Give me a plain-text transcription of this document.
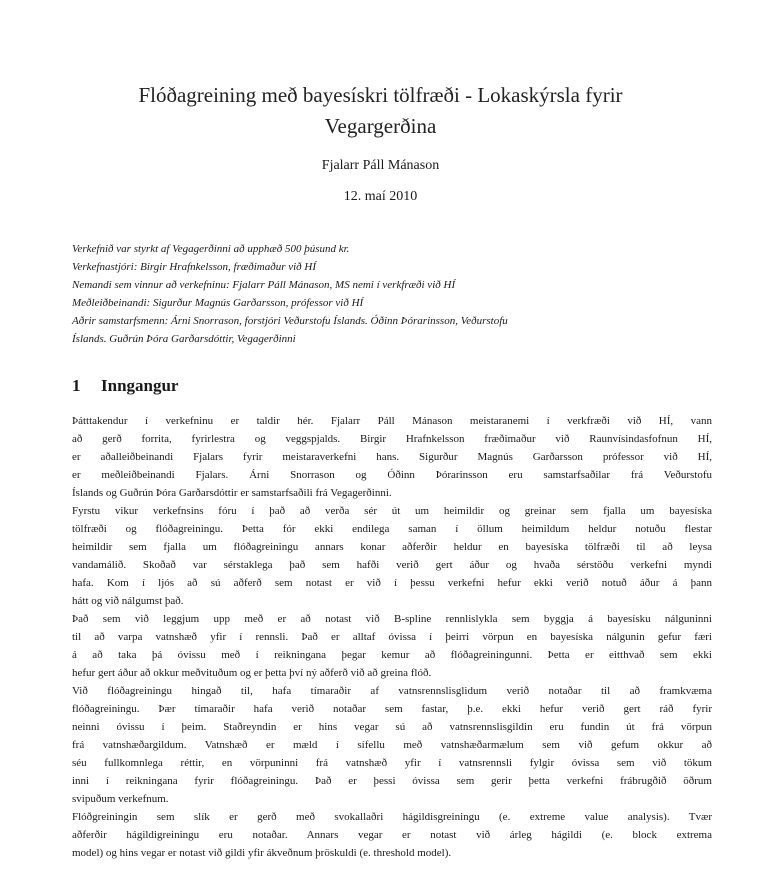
Flóðagreining með bayesískri tölfræði - Lokaskýrsla fyrir
Vegargerðina
Fjalarr Páll Mánason
12. maí 2010
Verkefnið var styrkt af Vegagerðinni að upphæð 500 þúsund kr.
Verkefnastjóri: Birgir Hrafnkelsson, fræðimaður við HÍ
Nemandi sem vinnur að verkefninu: Fjalarr Páll Mánason, MS nemi í verkfræði við HÍ
Meðleiðbeinandi: Sigurður Magnús Garðarsson, prófessor við HÍ
Aðrir samstarfsmenn: Árni Snorrason, forstjóri Veðurstofu Íslands. Óðinn Þórarinsson, Veðurstofu
Íslands. Guðrún Þóra Garðarsdóttir, Vegagerðinni
1 Inngangur
Þátttakendur í verkefninu er taldir hér. Fjalarr Páll Mánason meistaranemi í verkfræði við HÍ, vann
að gerð forrita, fyrirlestra og veggspjalds. Birgir Hrafnkelsson fræðimaður við Raunvísindasfofnun HÍ,
er aðalleiðbeinandi Fjalars fyrir meistaraverkefni hans. Sigurður Magnús Garðarsson prófessor við HÍ,
er meðleiðbeinandi Fjalars. Árni Snorrason og Óðinn Þórarinsson eru samstarfsaðilar frá Veðurstofu
Íslands og Guðrún Þóra Garðarsdóttir er samstarfsaðili frá Vegagerðinni.
Fyrstu vikur verkefnsins fóru í það að verða sér út um heimildir og greinar sem fjalla um bayesíska
tölfræði og flóðagreiningu. Þetta fór ekki endilega saman í öllum heimildum heldur notuðu flestar
heimildir sem fjalla um flóðagreiningu annars konar aðferðir heldur en bayesíska tölfræði til að leysa
vandamálið. Skoðað var sérstaklega það sem hafði verið gert áður og hvaða sérstöðu verkefni myndi
hafa. Kom í ljós að sú aðferð sem notast er við í þessu verkefni hefur ekki verið notuð áður á þann
hátt og við nálgumst það.
Það sem við leggjum upp með er að notast við B-spline rennlislykla sem byggja á bayesísku nálguninni
til að varpa vatnshæð yfir í rennsli. Það er alltaf óvissa í þeirri vörpun en bayesíska nálgunin gefur færi
á að taka þá óvissu með í reikningana þegar kemur að flóðagreiningunni. Þetta er eitthvað sem ekki
hefur gert áður að okkur meðvituðum og er þetta því ný aðferð við að greina flóð.
Við flóðagreiningu hingað til, hafa tímaraðir af vatnsrennslisglidum verið notaðar til að framkvæma
flóðagreiningu. Þær tímaraðir hafa verið notaðar sem fastar, þ.e. ekki hefur verið gert ráð fyrir
neinni óvissu í þeim. Staðreyndin er hins vegar sú að vatnsrennslisgildin eru fundin út frá vörpun
frá vatnshæðargildum. Vatnshæð er mæld í sífellu með vatnshæðarmælum sem við gefum okkur að
séu fullkomnlega réttir, en vörpuninni frá vatnshæð yfir í vatnsrennsli fylgir óvissa sem við tökum
inni í reikningana fyrir flóðagreiningu. Það er þessi óvissa sem gerir þetta verkefni frábrugðið öðrum
svipuðum verkefnum.
Flóðgreiningin sem slík er gerð með svokallaðri hágildisgreiningu (e. extreme value analysis). Tvær
aðferðir hágildigreiningu eru notaðar. Annars vegar er notast við árleg hágildi (e. block extrema
model) og hins vegar er notast við gildi yfir ákveðnum þröskuldi (e. threshold model).
